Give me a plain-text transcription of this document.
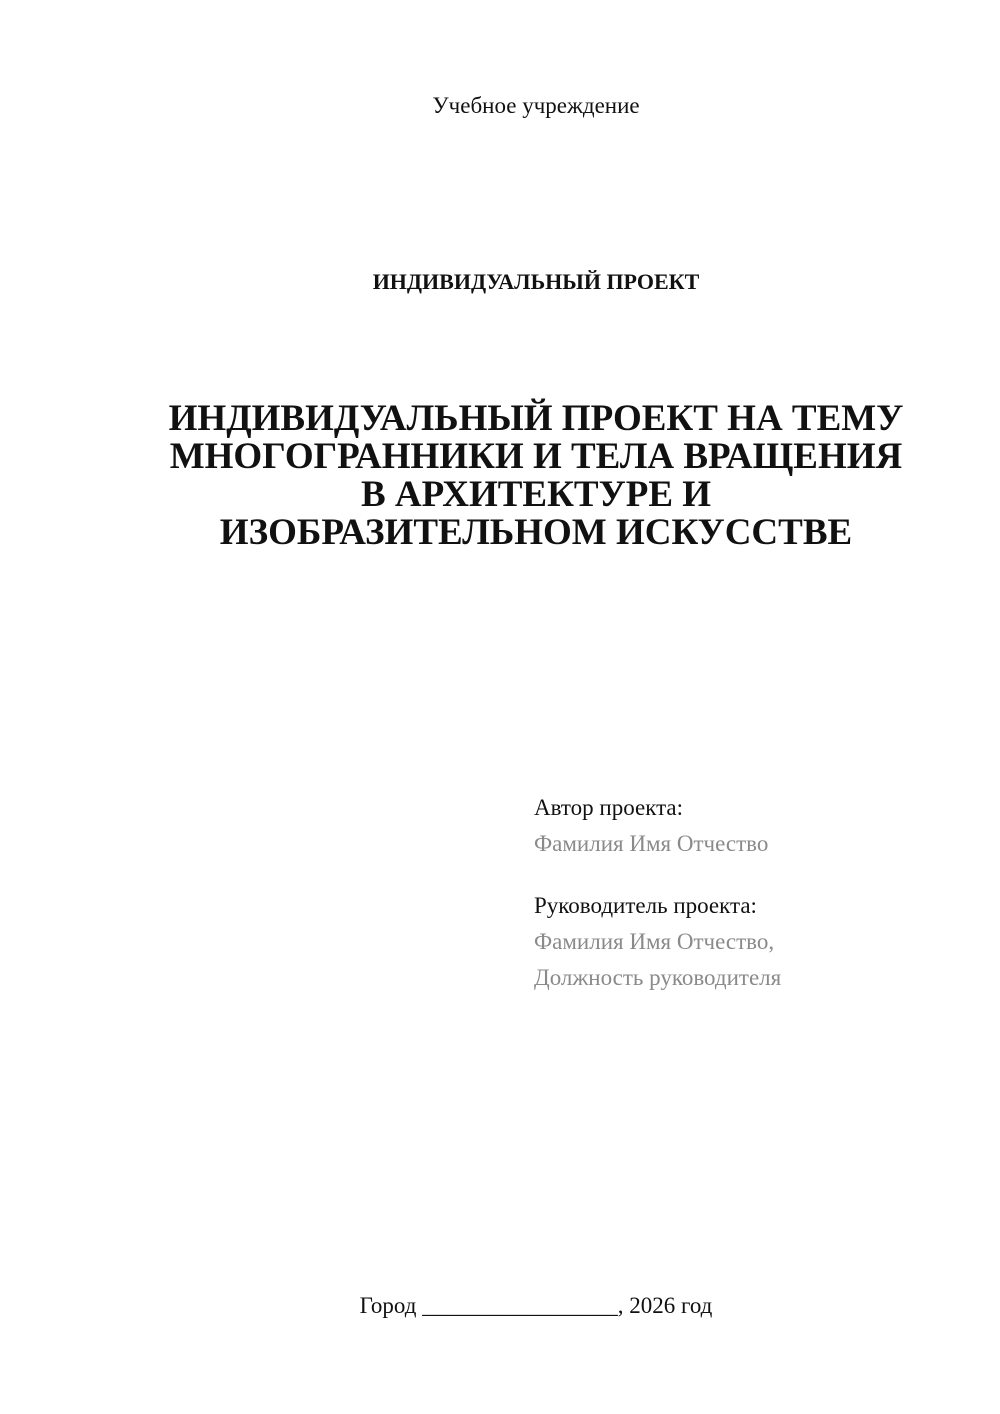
Учебное учреждение
ИНДИВИДУАЛЬНЫЙ ПРОЕКТ
ИНДИВИДУАЛЬНЫЙ ПРОЕКТ НА ТЕМУ
МНОГОГРАННИКИ И ТЕЛА ВРАЩЕНИЯ
В АРХИТЕКТУРЕ И
ИЗОБРАЗИТЕЛЬНОМ ИСКУССТВЕ
Автор проекта:
Фамилия Имя Отчество
Руководитель проекта:
Фамилия Имя Отчество,
Должность руководителя
Город _________________, 2026 год
